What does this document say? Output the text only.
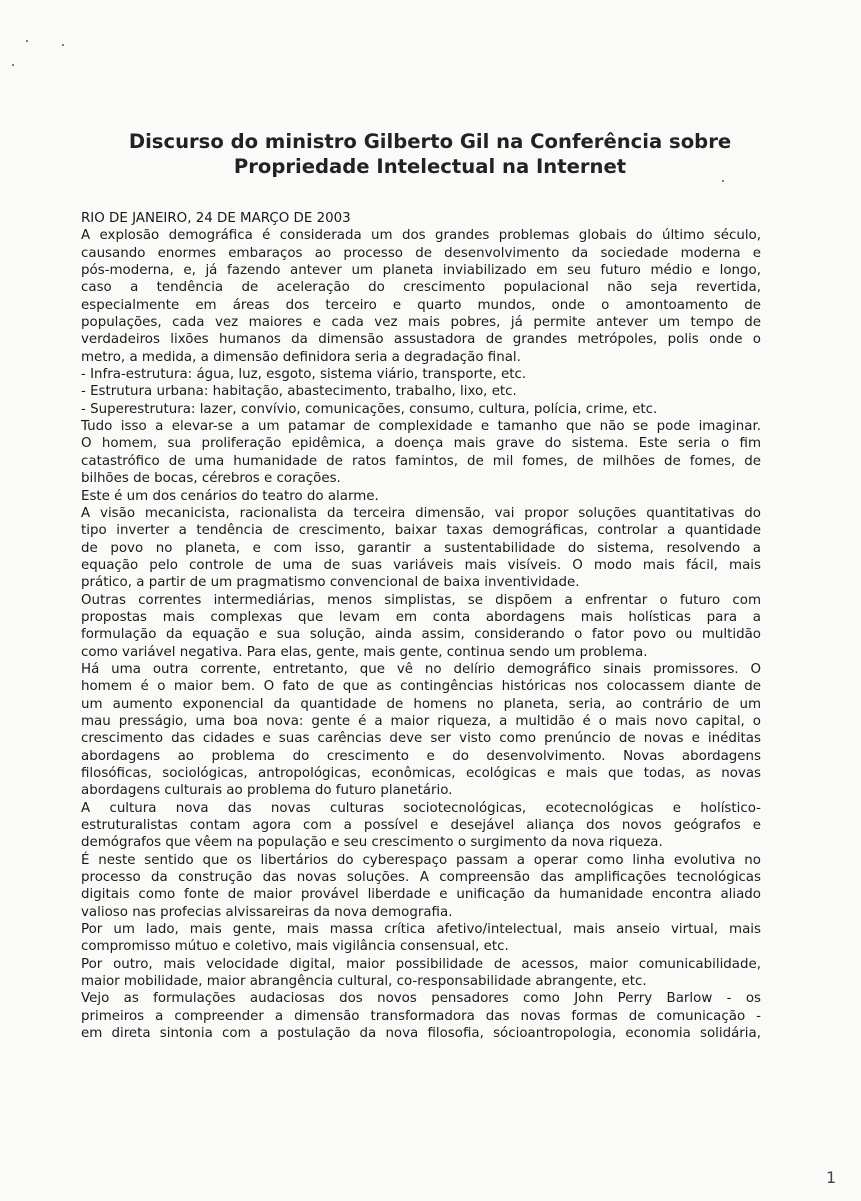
Discurso do ministro Gilberto Gil na Conferência sobre
Propriedade Intelectual na Internet
RIO DE JANEIRO, 24 DE MARÇO DE 2003
A explosão demográfica é considerada um dos grandes problemas globais do último século,
causando enormes embaraços ao processo de desenvolvimento da sociedade moderna e
pós-moderna, e, já fazendo antever um planeta inviabilizado em seu futuro médio e longo,
caso a tendência de aceleração do crescimento populacional não seja revertida,
especialmente em áreas dos terceiro e quarto mundos, onde o amontoamento de
populações, cada vez maiores e cada vez mais pobres, já permite antever um tempo de
verdadeiros lixões humanos da dimensão assustadora de grandes metrópoles, polis onde o
metro, a medida, a dimensão definidora seria a degradação final.
- Infra-estrutura: água, luz, esgoto, sistema viário, transporte, etc.
- Estrutura urbana: habitação, abastecimento, trabalho, lixo, etc.
- Superestrutura: lazer, convívio, comunicações, consumo, cultura, polícia, crime, etc.
Tudo isso a elevar-se a um patamar de complexidade e tamanho que não se pode imaginar.
O homem, sua proliferação epidêmica, a doença mais grave do sistema. Este seria o fim
catastrófico de uma humanidade de ratos famintos, de mil fomes, de milhões de fomes, de
bilhões de bocas, cérebros e corações.
Este é um dos cenários do teatro do alarme.
A visão mecanicista, racionalista da terceira dimensão, vai propor soluções quantitativas do
tipo inverter a tendência de crescimento, baixar taxas demográficas, controlar a quantidade
de povo no planeta, e com isso, garantir a sustentabilidade do sistema, resolvendo a
equação pelo controle de uma de suas variáveis mais visíveis. O modo mais fácil, mais
prático, a partir de um pragmatismo convencional de baixa inventividade.
Outras correntes intermediárias, menos simplistas, se dispõem a enfrentar o futuro com
propostas mais complexas que levam em conta abordagens mais holísticas para a
formulação da equação e sua solução, ainda assim, considerando o fator povo ou multidão
como variável negativa. Para elas, gente, mais gente, continua sendo um problema.
Há uma outra corrente, entretanto, que vê no delírio demográfico sinais promissores. O
homem é o maior bem. O fato de que as contingências históricas nos colocassem diante de
um aumento exponencial da quantidade de homens no planeta, seria, ao contrário de um
mau presságio, uma boa nova: gente é a maior riqueza, a multidão é o mais novo capital, o
crescimento das cidades e suas carências deve ser visto como prenúncio de novas e inéditas
abordagens ao problema do crescimento e do desenvolvimento. Novas abordagens
filosóficas, sociológicas, antropológicas, econômicas, ecológicas e mais que todas, as novas
abordagens culturais ao problema do futuro planetário.
A cultura nova das novas culturas sociotecnológicas, ecotecnológicas e holístico-
estruturalistas contam agora com a possível e desejável aliança dos novos geógrafos e
demógrafos que vêem na população e seu crescimento o surgimento da nova riqueza.
É neste sentido que os libertários do cyberespaço passam a operar como linha evolutiva no
processo da construção das novas soluções. A compreensão das amplificações tecnológicas
digitais como fonte de maior provável liberdade e unificação da humanidade encontra aliado
valioso nas profecias alvissareiras da nova demografia.
Por um lado, mais gente, mais massa crítica afetivo/intelectual, mais anseio virtual, mais
compromisso mútuo e coletivo, mais vigilância consensual, etc.
Por outro, mais velocidade digital, maior possibilidade de acessos, maior comunicabilidade,
maior mobilidade, maior abrangência cultural, co-responsabilidade abrangente, etc.
Vejo as formulações audaciosas dos novos pensadores como John Perry Barlow - os
primeiros a compreender a dimensão transformadora das novas formas de comunicação -
em direta sintonia com a postulação da nova filosofia, sócioantropologia, economia solidária,
1
